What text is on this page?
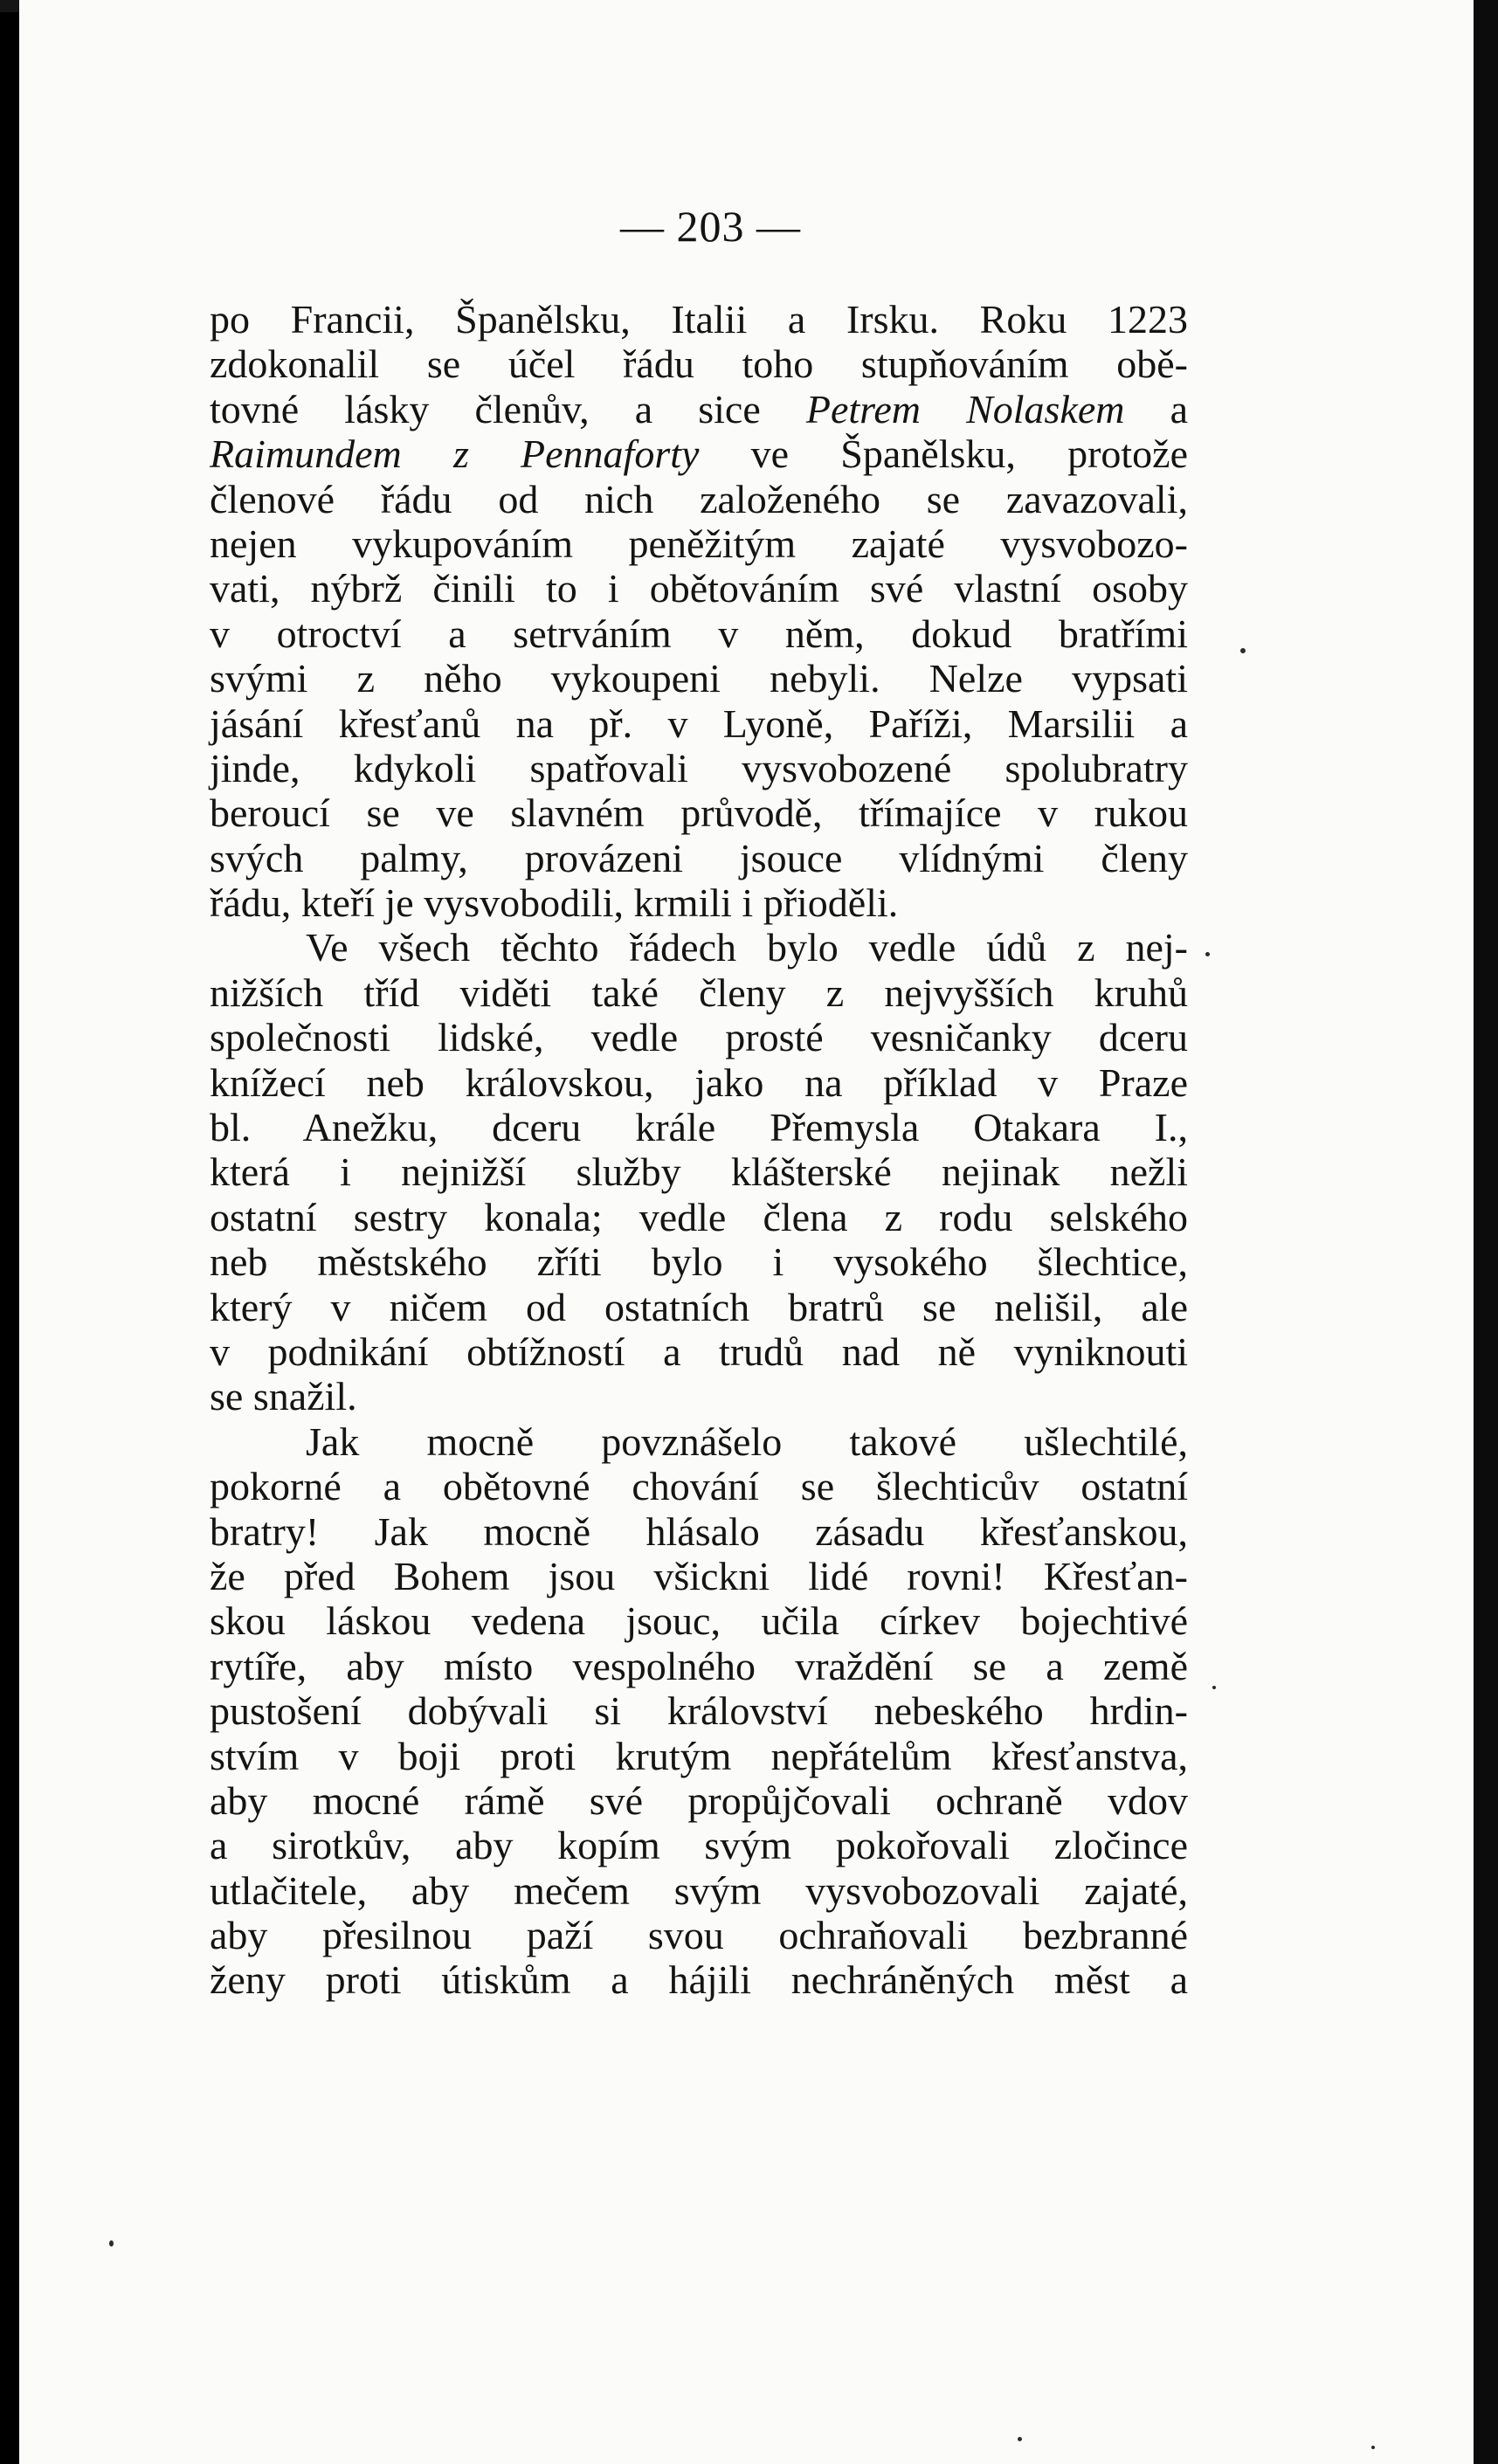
— 203 —
po Francii, Španělsku, Italii a Irsku. Roku 1223
zdokonalil se účel řádu toho stupňováním obě-
tovné lásky členův, a sice Petrem Nolaskem a
Raimundem z Pennaforty ve Španělsku, protože
členové řádu od nich založeného se zavazovali,
nejen vykupováním peněžitým zajaté vysvobozo-
vati, nýbrž činili to i obětováním své vlastní osoby
v otroctví a setrváním v něm, dokud bratřími
svými z něho vykoupeni nebyli. Nelze vypsati
jásání křesťanů na př. v Lyoně, Paříži, Marsilii a
jinde, kdykoli spatřovali vysvobozené spolubratry
beroucí se ve slavném průvodě, třímajíce v rukou
svých palmy, provázeni jsouce vlídnými členy
řádu, kteří je vysvobodili, krmili i přioděli.
Ve všech těchto řádech bylo vedle údů z nej-
nižších tříd viděti také členy z nejvyšších kruhů
společnosti lidské, vedle prosté vesničanky dceru
knížecí neb královskou, jako na příklad v Praze
bl. Anežku, dceru krále Přemysla Otakara I.,
která i nejnižší služby klášterské nejinak nežli
ostatní sestry konala; vedle člena z rodu selského
neb městského zříti bylo i vysokého šlechtice,
který v ničem od ostatních bratrů se nelišil, ale
v podnikání obtížností a trudů nad ně vyniknouti
se snažil.
Jak mocně povznášelo takové ušlechtilé,
pokorné a obětovné chování se šlechticův ostatní
bratry! Jak mocně hlásalo zásadu křesťanskou,
že před Bohem jsou všickni lidé rovni! Křesťan-
skou láskou vedena jsouc, učila církev bojechtivé
rytíře, aby místo vespolného vraždění se a země
pustošení dobývali si království nebeského hrdin-
stvím v boji proti krutým nepřátelům křesťanstva,
aby mocné rámě své propůjčovali ochraně vdov
a sirotkův, aby kopím svým pokořovali zločince
utlačitele, aby mečem svým vysvobozovali zajaté,
aby přesilnou paží svou ochraňovali bezbranné
ženy proti útiskům a hájili nechráněných měst a
